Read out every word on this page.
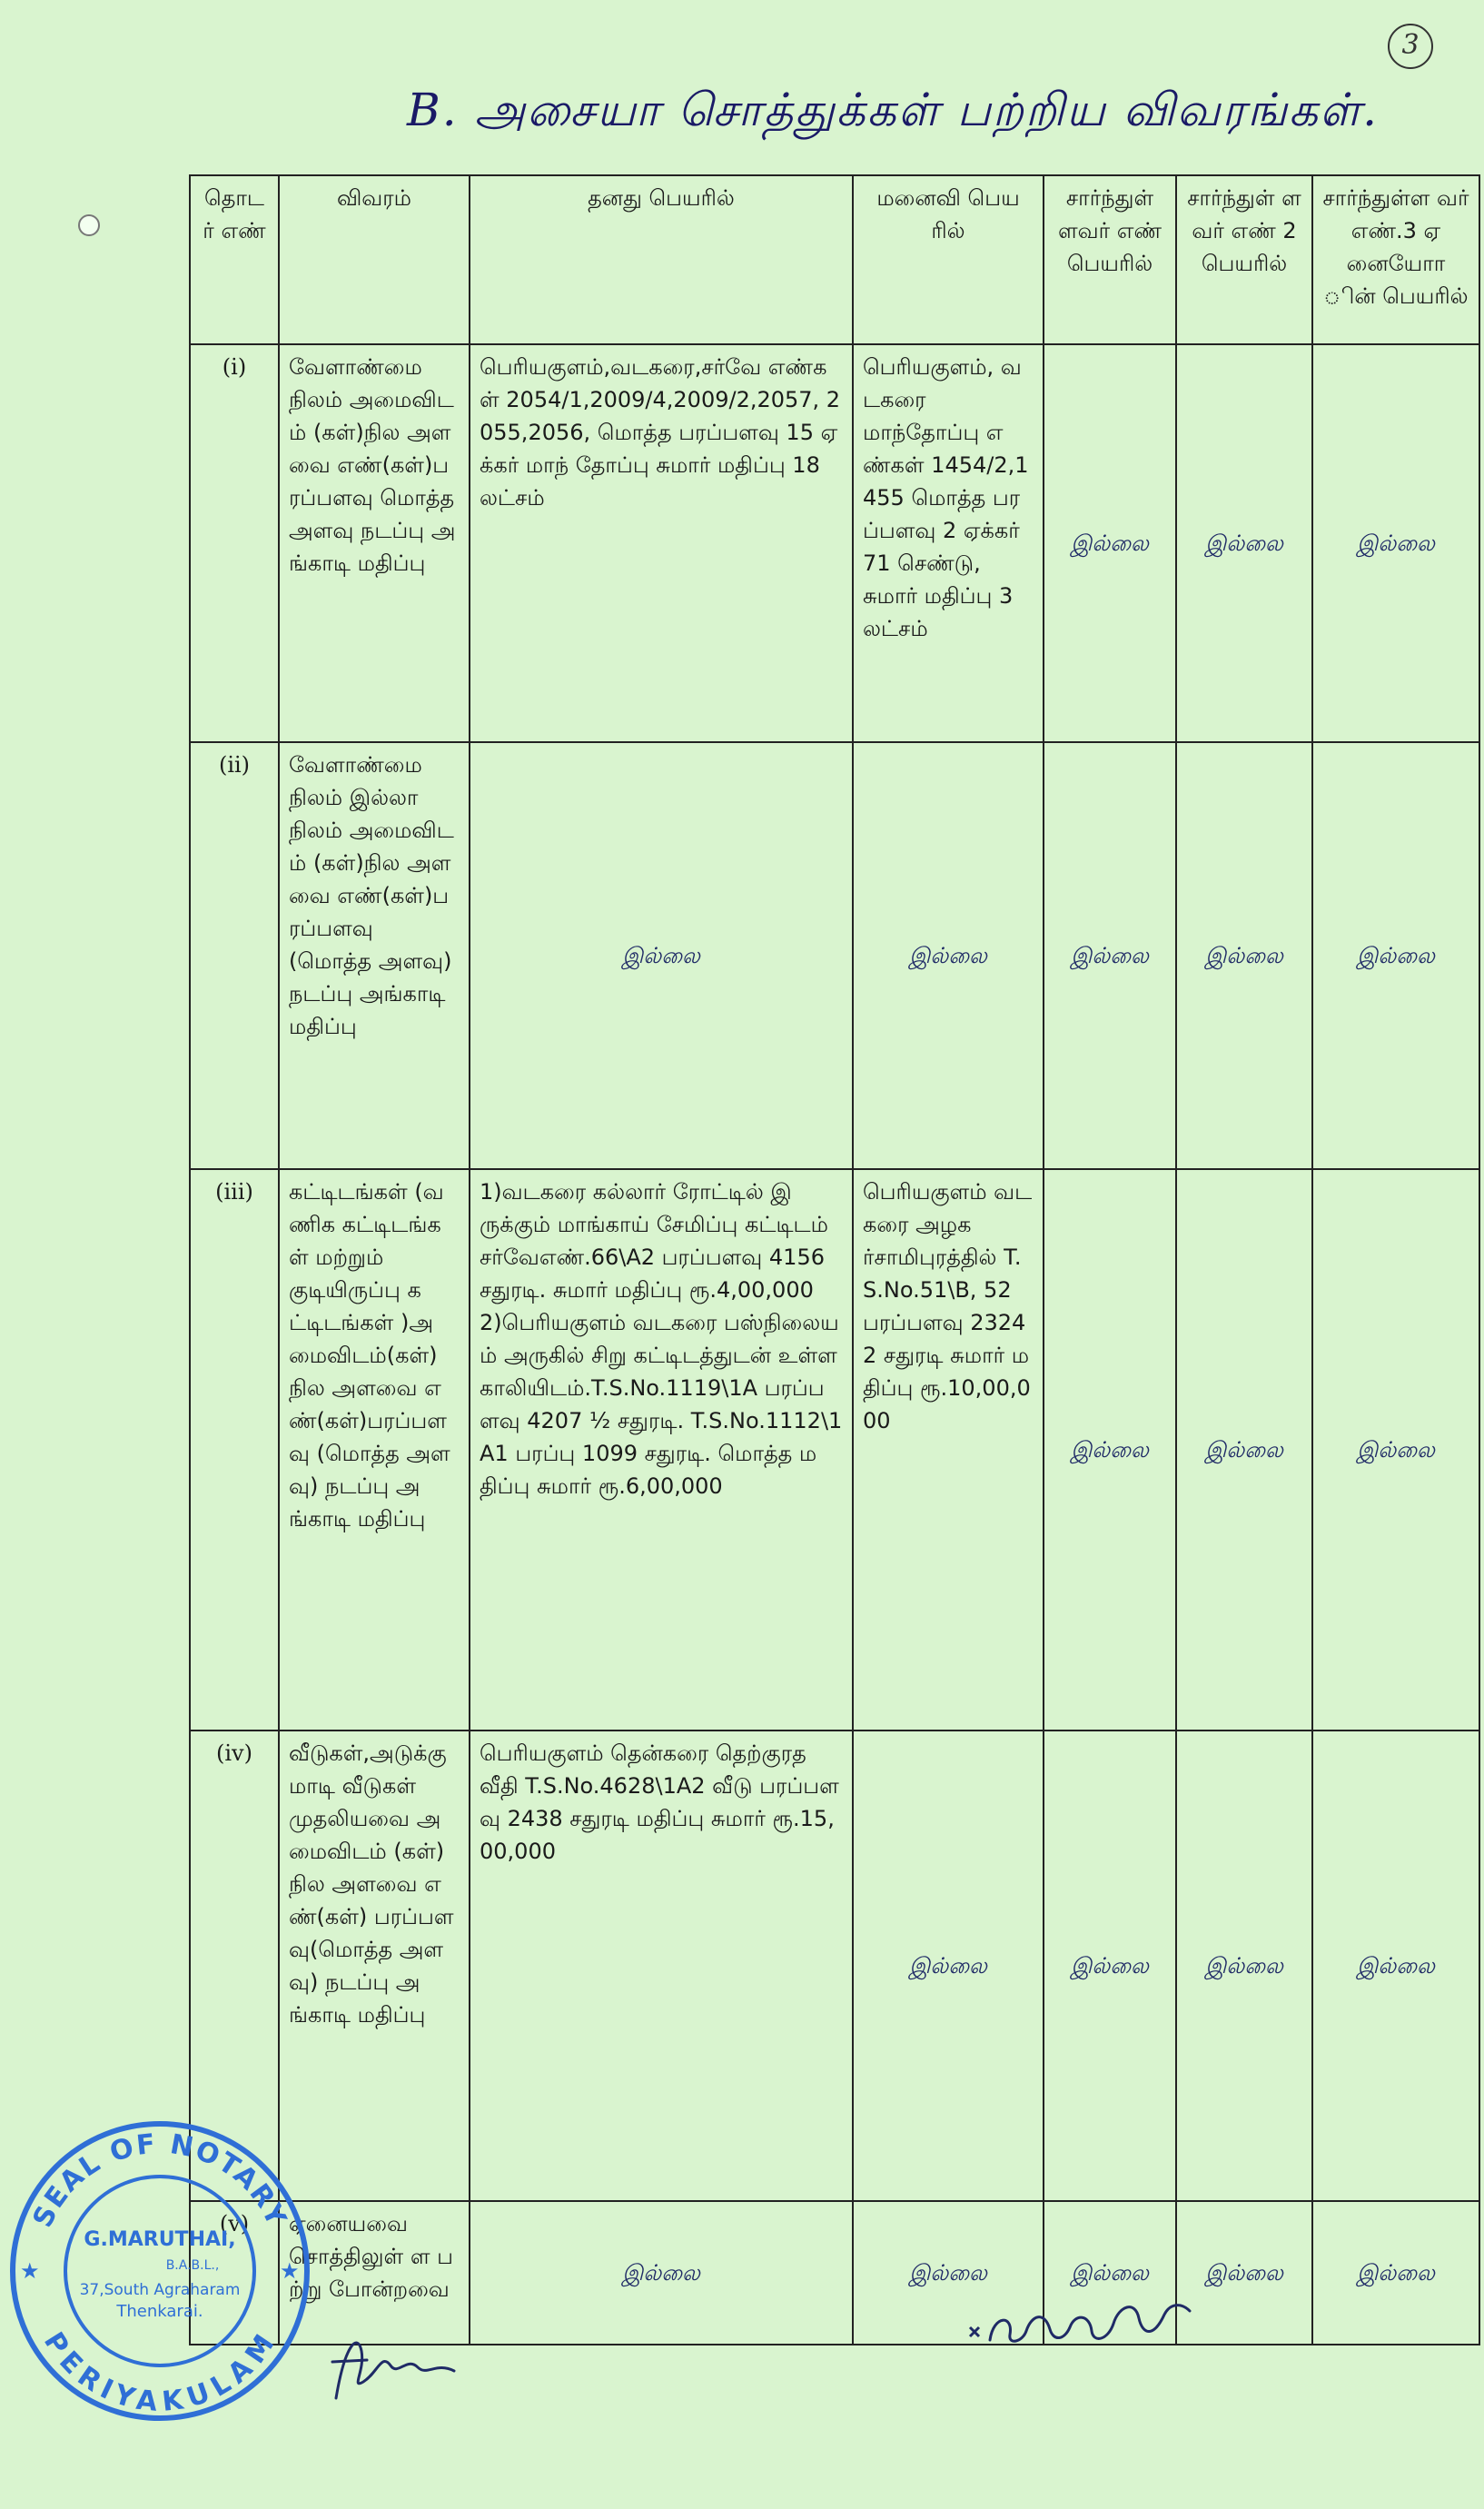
3
B. அசையா சொத்துக்கள் பற்றிய விவரங்கள்.
தொடர் எண்	விவரம்	தனது பெயரில்	மனைவி பெயரில்	சார்ந்துள் ளவர் எண் பெயரில்	சார்ந்துள் ளவர் எண் 2 பெயரில்	சார்ந்துள்ள வர் எண்.3 ஏனையோா ின் பெயரில்
(i)	வேளாண்மை நிலம் அமைவிடம் (கள்)நில அளவை எண்(கள்)பரப்பளவு மொத்த அளவு நடப்பு அங்காடி மதிப்பு	பெரியகுளம்,வடகரை,சர்வே எண்கள் 2054/1,2009/4,2009/2,2057, 2055,2056, மொத்த பரப்பளவு 15 ஏக்கர் மாந் தோப்பு சுமார் மதிப்பு 18 லட்சம்	பெரியகுளம், வடகரை மாந்தோப்பு எண்கள் 1454/2,1455 மொத்த பரப்பளவு 2 ஏக்கர் 71 செண்டு,சுமார் மதிப்பு 3 லட்சம்	இல்லை	இல்லை	இல்லை
(ii)	வேளாண்மை நிலம் இல்லா நிலம் அமைவிடம் (கள்)நில அளவை எண்(கள்)பரப்பளவு (மொத்த அளவு)நடப்பு அங்காடி மதிப்பு	இல்லை	இல்லை	இல்லை	இல்லை	இல்லை
(iii)	கட்டிடங்கள் (வணிக கட்டிடங்கள் மற்றும் குடியிருப்பு கட்டிடங்கள் )அமைவிடம்(கள்) நில அளவை எண்(கள்)பரப்பளவு (மொத்த அளவு) நடப்பு அங்காடி மதிப்பு	1)வடகரை கல்லார் ரோட்டில் இருக்கும் மாங்காய் சேமிப்பு கட்டிடம் சர்வேஎண்.66\A2 பரப்பளவு 4156 சதுரடி. சுமார் மதிப்பு ரூ.4,00,000 2)பெரியகுளம் வடகரை பஸ்நிலையம் அருகில் சிறு கட்டிடத்துடன் உள்ள காலியிடம்.T.S.No.1119\1A பரப்பளவு 4207 ½ சதுரடி. T.S.No.1112\1A1 பரப்பு 1099 சதுரடி. மொத்த மதிப்பு சுமார் ரூ.6,00,000	பெரியகுளம் வடகரை அழகர்சாமிபுரத்தில் T.S.No.51\B, 52 பரப்பளவு 23242 சதுரடி சுமார் மதிப்பு ரூ.10,00,000	இல்லை	இல்லை	இல்லை
(iv)	வீடுகள்,அடுக்கு மாடி வீடுகள் முதலியவை அமைவிடம் (கள்) நில அளவை எண்(கள்) பரப்பளவு(மொத்த அளவு) நடப்பு அங்காடி மதிப்பு	பெரியகுளம் தென்கரை தெற்குரதவீதி T.S.No.4628\1A2 வீடு பரப்பளவு 2438 சதுரடி மதிப்பு சுமார் ரூ.15,00,000	இல்லை	இல்லை	இல்லை	இல்லை
(v)	ஏனையவை சொத்திலுள் ள பற்று போன்றவை	இல்லை	இல்லை	இல்லை	இல்லை	இல்லை
SEAL OF NOTARY
PERIYAKULAM
★	★
G.MARUTHAI,
B.A.B.L.,
37,South Agraharam
Thenkarai.
